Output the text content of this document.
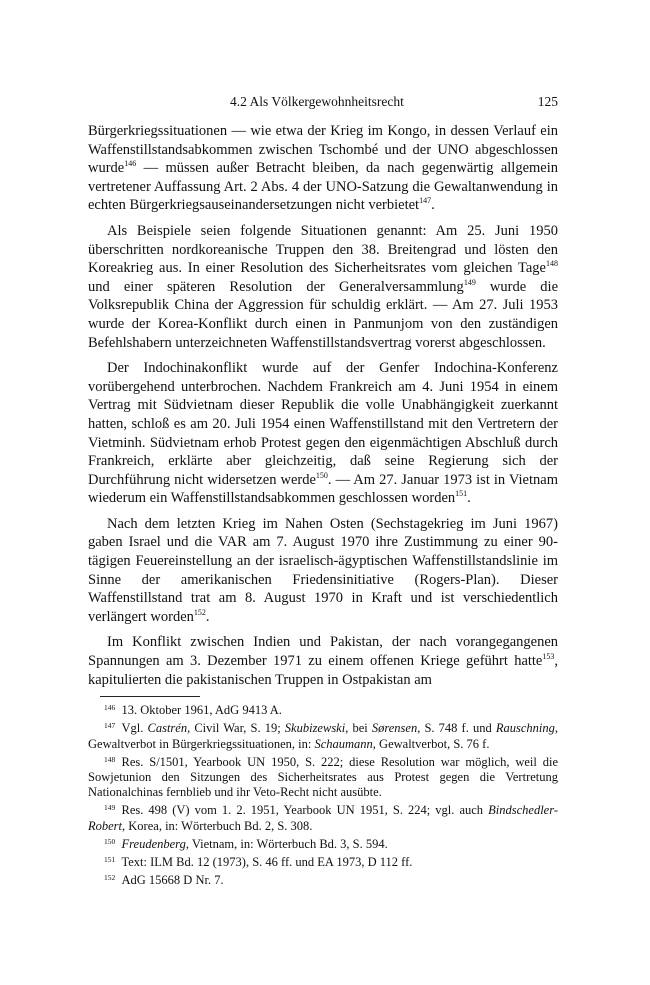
4.2 Als Völkergewohnheitsrecht	125

Bürgerkriegssituationen — wie etwa der Krieg im Kongo, in dessen Verlauf ein Waffenstillstandsabkommen zwischen Tschombé und der UNO abgeschlossen wurde$^{146}$ — müssen außer Betracht bleiben, da nach gegenwärtig allgemein vertretener Auffassung Art. 2 Abs. 4 der UNO-Satzung die Gewaltanwendung in echten Bürgerkriegsauseinandersetzungen nicht verbietet$^{147}$.

Als Beispiele seien folgende Situationen genannt: Am 25. Juni 1950 überschritten nordkoreanische Truppen den 38. Breitengrad und lösten den Koreakrieg aus. In einer Resolution des Sicherheitsrates vom gleichen Tage$^{148}$ und einer späteren Resolution der Generalversammlung$^{149}$ wurde die Volksrepublik China der Aggression für schuldig erklärt. — Am 27. Juli 1953 wurde der Korea-Konflikt durch einen in Panmunjom von den zuständigen Befehlshabern unterzeichneten Waffenstillstandsvertrag vorerst abgeschlossen.

Der Indochinakonflikt wurde auf der Genfer Indochina-Konferenz vorübergehend unterbrochen. Nachdem Frankreich am 4. Juni 1954 in einem Vertrag mit Südvietnam dieser Republik die volle Unabhängigkeit zuerkannt hatten, schloß es am 20. Juli 1954 einen Waffenstillstand mit den Vertretern der Vietminh. Südvietnam erhob Protest gegen den eigenmächtigen Abschluß durch Frankreich, erklärte aber gleichzeitig, daß seine Regierung sich der Durchführung nicht widersetzen werde$^{150}$. — Am 27. Januar 1973 ist in Vietnam wiederum ein Waffenstillstandsabkommen geschlossen worden$^{151}$.

Nach dem letzten Krieg im Nahen Osten (Sechstagekrieg im Juni 1967) gaben Israel und die VAR am 7. August 1970 ihre Zustimmung zu einer 90-tägigen Feuereinstellung an der israelisch-ägyptischen Waffenstillstandslinie im Sinne der amerikanischen Friedensinitiative (Rogers-Plan). Dieser Waffenstillstand trat am 8. August 1970 in Kraft und ist verschiedentlich verlängert worden$^{152}$.

Im Konflikt zwischen Indien und Pakistan, der nach vorangegangenen Spannungen am 3. Dezember 1971 zu einem offenen Kriege geführt hatte$^{153}$, kapitulierten die pakistanischen Truppen in Ostpakistan am

$^{146}$  13. Oktober 1961, AdG 9413 A.
$^{147}$  Vgl. Castrén, Civil War, S. 19; Skubizewski, bei Sørensen, S. 748 f. und Rauschning, Gewaltverbot in Bürgerkriegssituationen, in: Schaumann, Gewaltverbot, S. 76 f.
$^{148}$  Res. S/1501, Yearbook UN 1950, S. 222; diese Resolution war möglich, weil die Sowjetunion den Sitzungen des Sicherheitsrates aus Protest gegen die Vertretung Nationalchinas fernblieb und ihr Veto-Recht nicht ausübte.
$^{149}$  Res. 498 (V) vom 1. 2. 1951, Yearbook UN 1951, S. 224; vgl. auch Bindschedler-Robert, Korea, in: Wörterbuch Bd. 2, S. 308.
$^{150}$  Freudenberg, Vietnam, in: Wörterbuch Bd. 3, S. 594.
$^{151}$  Text: ILM Bd. 12 (1973), S. 46 ff. und EA 1973, D 112 ff.
$^{152}$  AdG 15668 D Nr. 7.
